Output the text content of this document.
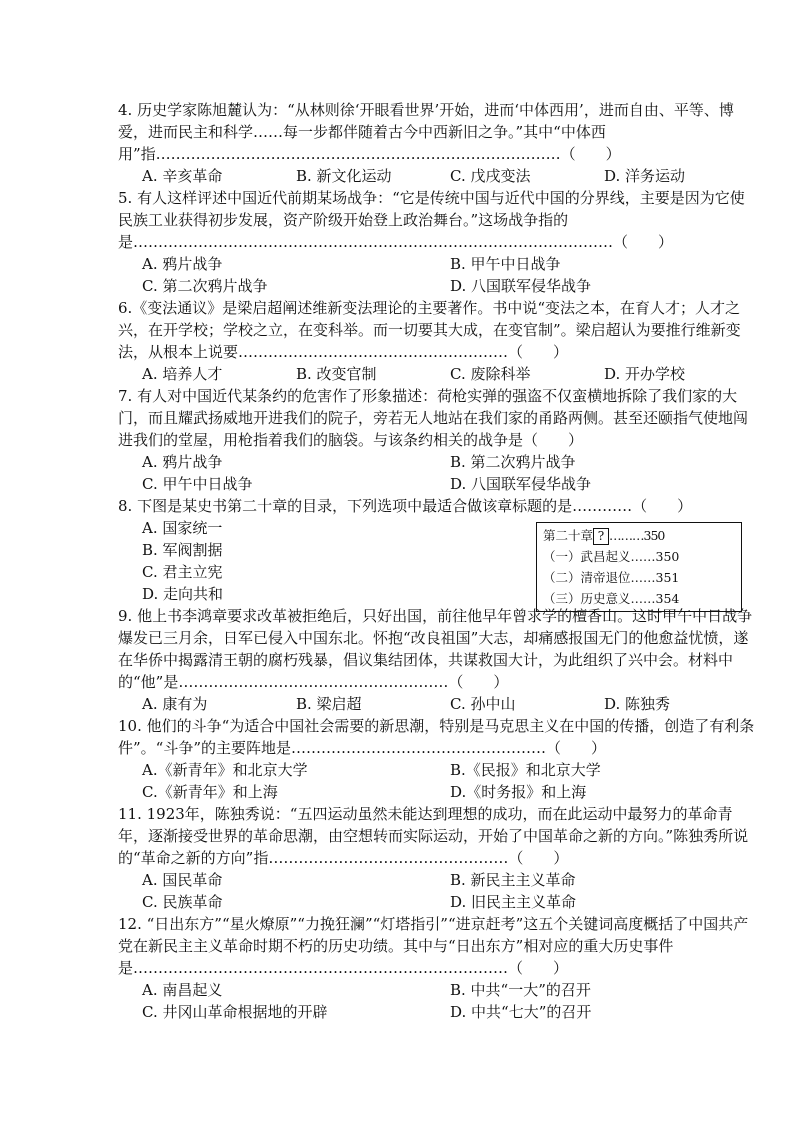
4. 历史学家陈旭麓认为：“从林则徐‘开眼看世界’开始，进而‘中体西用’，进而自由、平等、博爱，进而民主和科学……每一步都伴随着古今中西新旧之争。”其中“中体西用”指………………………………………………………………………（　　）
A. 辛亥革命	B. 新文化运动	C. 戊戌变法	D. 洋务运动
5. 有人这样评述中国近代前期某场战争：“它是传统中国与近代中国的分界线，主要是因为它使民族工业获得初步发展，资产阶级开始登上政治舞台。”这场战争指的是……………………………………………………………………………………（　　）
A. 鸦片战争	B. 甲午中日战争
C. 第二次鸦片战争	D. 八国联军侵华战争
6.《变法通议》是梁启超阐述维新变法理论的主要著作。书中说“变法之本，在育人才；人才之兴，在开学校；学校之立，在变科举。而一切要其大成，在变官制”。梁启超认为要推行维新变法，从根本上说要………………………………………………（　　）
A. 培养人才	B. 改变官制	C. 废除科举	D. 开办学校
7. 有人对中国近代某条约的危害作了形象描述：荷枪实弹的强盗不仅蛮横地拆除了我们家的大门，而且耀武扬威地开进我们的院子，旁若无人地站在我们家的甬路两侧。甚至还颐指气使地闯进我们的堂屋，用枪指着我们的脑袋。与该条约相关的战争是（　　）
A. 鸦片战争	B. 第二次鸦片战争
C. 甲午中日战争	D. 八国联军侵华战争
8. 下图是某史书第二十章的目录，下列选项中最适合做该章标题的是…………（　　）
A. 国家统一
B. 军阀割据
C. 君主立宪
D. 走向共和
第二十章 ? ………350
（一）武昌起义……350
（二）清帝退位……351
（三）历史意义……354
9. 他上书李鸿章要求改革被拒绝后，只好出国，前往他早年曾求学的檀香山。这时甲午中日战争爆发已三月余，日军已侵入中国东北。怀抱“改良祖国”大志，却痛感报国无门的他愈益忧愤，遂在华侨中揭露清王朝的腐朽残暴，倡议集结团体，共谋救国大计，为此组织了兴中会。材料中的“他”是………………………………………………（　　）
A. 康有为	B. 梁启超	C. 孙中山	D. 陈独秀
10. 他们的斗争“为适合中国社会需要的新思潮，特别是马克思主义在中国的传播，创造了有利条件”。“斗争”的主要阵地是……………………………………………（　　）
A.《新青年》和北京大学	B.《民报》和北京大学
C.《新青年》和上海	D.《时务报》和上海
11. 1923年，陈独秀说：“五四运动虽然未能达到理想的成功，而在此运动中最努力的革命青年，逐渐接受世界的革命思潮，由空想转而实际运动，开始了中国革命之新的方向。”陈独秀所说的“革命之新的方向”指…………………………………………（　　）
A. 国民革命	B. 新民主主义革命
C. 民族革命	D. 旧民主主义革命
12. “日出东方”“星火燎原”“力挽狂澜”“灯塔指引”“进京赶考”这五个关键词高度概括了中国共产党在新民主主义革命时期不朽的历史功绩。其中与“日出东方”相对应的重大历史事件是…………………………………………………………………（　　）
A. 南昌起义	B. 中共“一大”的召开
C. 井冈山革命根据地的开辟	D. 中共“七大”的召开
